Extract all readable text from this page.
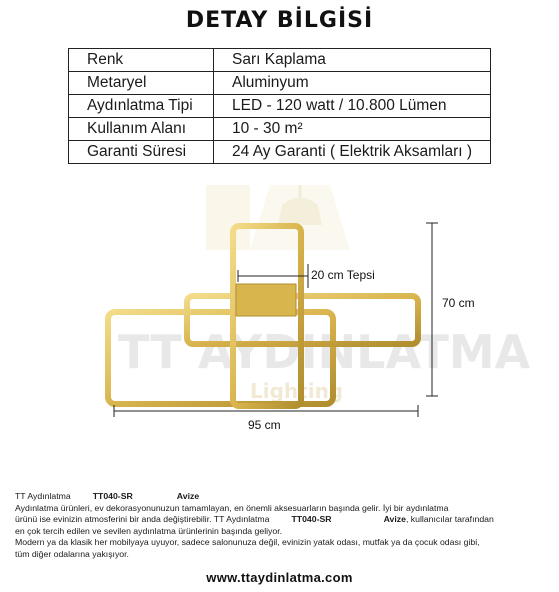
DETAY BİLGİSİ
Renk	Sarı Kaplama
Metaryel	Aluminyum
Aydınlatma Tipi	LED - 120 watt / 10.800 Lümen
Kullanım Alanı	10 - 30 m²
Garanti Süresi	24 Ay Garanti ( Elektrik Aksamları )
TT AYDINLATMA
Lighting
20 cm Tepsi
70 cm
95 cm
TT Aydınlatma	TT040-SR	Avize
Aydınlatma ürünleri, ev dekorasyonunuzun tamamlayan, en önemli aksesuarların başında gelir. İyi bir aydınlatma
ürünü ise evinizin atmosferini bir anda değiştirebilir. TT Aydınlatma	TT040-SR	Avize, kullanıcılar tarafından
en çok tercih edilen ve sevilen aydınlatma ürünlerinin başında geliyor.
Modern ya da klasik her mobilyaya uyuyor, sadece salonunuza değil, evinizin yatak odası, mutfak ya da çocuk odası gibi,
tüm diğer odalarına yakışıyor.
www.ttaydinlatma.com
